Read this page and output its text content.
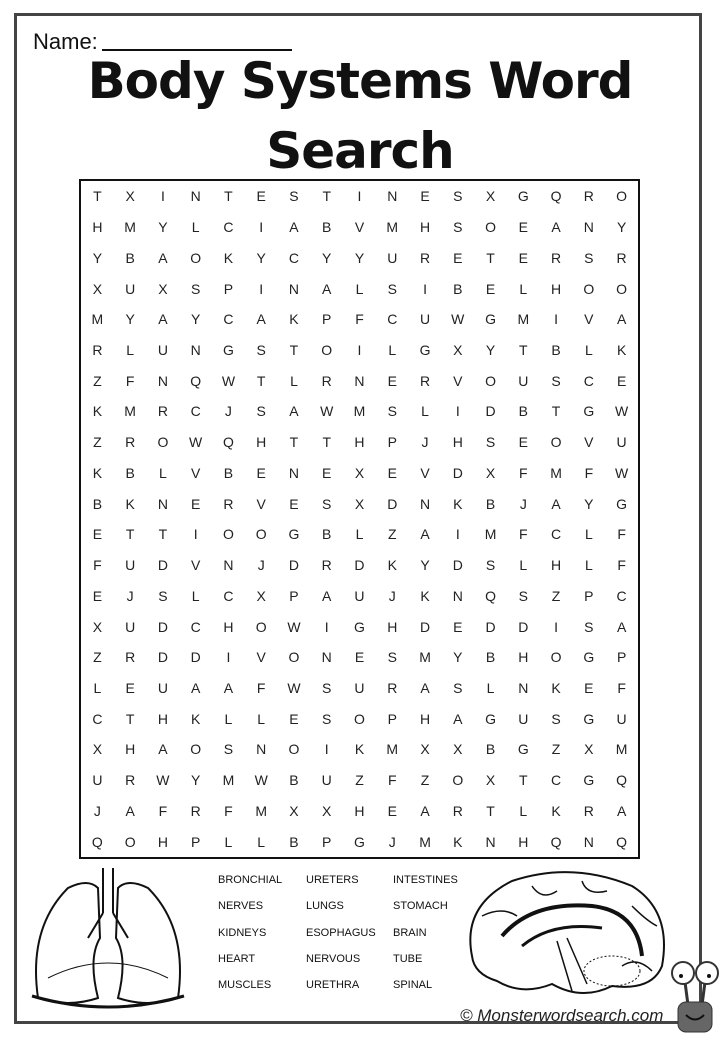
Name:
Body Systems Word
Search
T	X	I	N	T	E	S	T	I	N	E	S	X	G	Q	R	O
H	M	Y	L	C	I	A	B	V	M	H	S	O	E	A	N	Y
Y	B	A	O	K	Y	C	Y	Y	U	R	E	T	E	R	S	R
X	U	X	S	P	I	N	A	L	S	I	B	E	L	H	O	O
M	Y	A	Y	C	A	K	P	F	C	U	W	G	M	I	V	A
R	L	U	N	G	S	T	O	I	L	G	X	Y	T	B	L	K
Z	F	N	Q	W	T	L	R	N	E	R	V	O	U	S	C	E
K	M	R	C	J	S	A	W	M	S	L	I	D	B	T	G	W
Z	R	O	W	Q	H	T	T	H	P	J	H	S	E	O	V	U
K	B	L	V	B	E	N	E	X	E	V	D	X	F	M	F	W
B	K	N	E	R	V	E	S	X	D	N	K	B	J	A	Y	G
E	T	T	I	O	O	G	B	L	Z	A	I	M	F	C	L	F
F	U	D	V	N	J	D	R	D	K	Y	D	S	L	H	L	F
E	J	S	L	C	X	P	A	U	J	K	N	Q	S	Z	P	C
X	U	D	C	H	O	W	I	G	H	D	E	D	D	I	S	A
Z	R	D	D	I	V	O	N	E	S	M	Y	B	H	O	G	P
L	E	U	A	A	F	W	S	U	R	A	S	L	N	K	E	F
C	T	H	K	L	L	E	S	O	P	H	A	G	U	S	G	U
X	H	A	O	S	N	O	I	K	M	X	X	B	G	Z	X	M
U	R	W	Y	M	W	B	U	Z	F	Z	O	X	T	C	G	Q
J	A	F	R	F	M	X	X	H	E	A	R	T	L	K	R	A
Q	O	H	P	L	L	B	P	G	J	M	K	N	H	Q	N	Q
BRONCHIAL	URETERS	INTESTINES
NERVES	LUNGS	STOMACH
KIDNEYS	ESOPHAGUS	BRAIN
HEART	NERVOUS	TUBE
MUSCLES	URETHRA	SPINAL
© Monsterwordsearch.com
